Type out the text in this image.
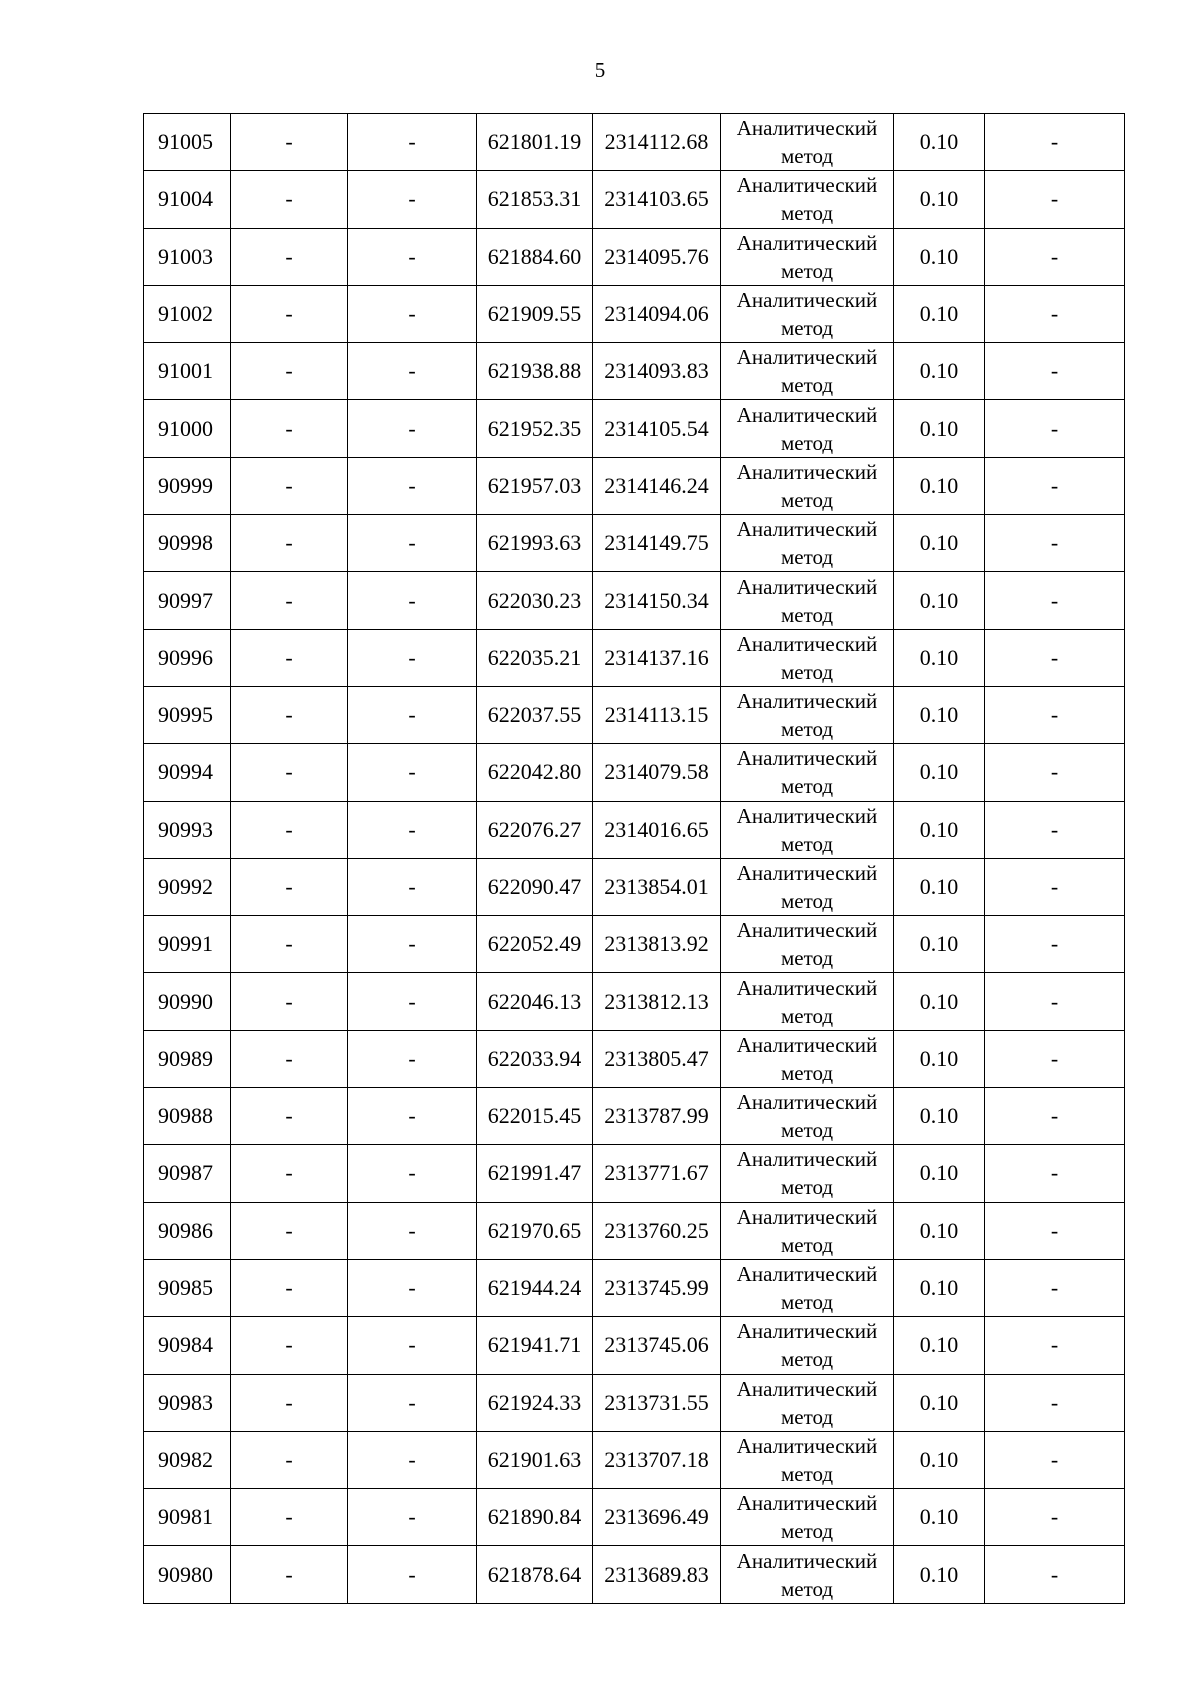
5
91005	-	-	621801.19	2314112.68	Аналитический
метод	0.10	-
91004	-	-	621853.31	2314103.65	Аналитический
метод	0.10	-
91003	-	-	621884.60	2314095.76	Аналитический
метод	0.10	-
91002	-	-	621909.55	2314094.06	Аналитический
метод	0.10	-
91001	-	-	621938.88	2314093.83	Аналитический
метод	0.10	-
91000	-	-	621952.35	2314105.54	Аналитический
метод	0.10	-
90999	-	-	621957.03	2314146.24	Аналитический
метод	0.10	-
90998	-	-	621993.63	2314149.75	Аналитический
метод	0.10	-
90997	-	-	622030.23	2314150.34	Аналитический
метод	0.10	-
90996	-	-	622035.21	2314137.16	Аналитический
метод	0.10	-
90995	-	-	622037.55	2314113.15	Аналитический
метод	0.10	-
90994	-	-	622042.80	2314079.58	Аналитический
метод	0.10	-
90993	-	-	622076.27	2314016.65	Аналитический
метод	0.10	-
90992	-	-	622090.47	2313854.01	Аналитический
метод	0.10	-
90991	-	-	622052.49	2313813.92	Аналитический
метод	0.10	-
90990	-	-	622046.13	2313812.13	Аналитический
метод	0.10	-
90989	-	-	622033.94	2313805.47	Аналитический
метод	0.10	-
90988	-	-	622015.45	2313787.99	Аналитический
метод	0.10	-
90987	-	-	621991.47	2313771.67	Аналитический
метод	0.10	-
90986	-	-	621970.65	2313760.25	Аналитический
метод	0.10	-
90985	-	-	621944.24	2313745.99	Аналитический
метод	0.10	-
90984	-	-	621941.71	2313745.06	Аналитический
метод	0.10	-
90983	-	-	621924.33	2313731.55	Аналитический
метод	0.10	-
90982	-	-	621901.63	2313707.18	Аналитический
метод	0.10	-
90981	-	-	621890.84	2313696.49	Аналитический
метод	0.10	-
90980	-	-	621878.64	2313689.83	Аналитический
метод	0.10	-
